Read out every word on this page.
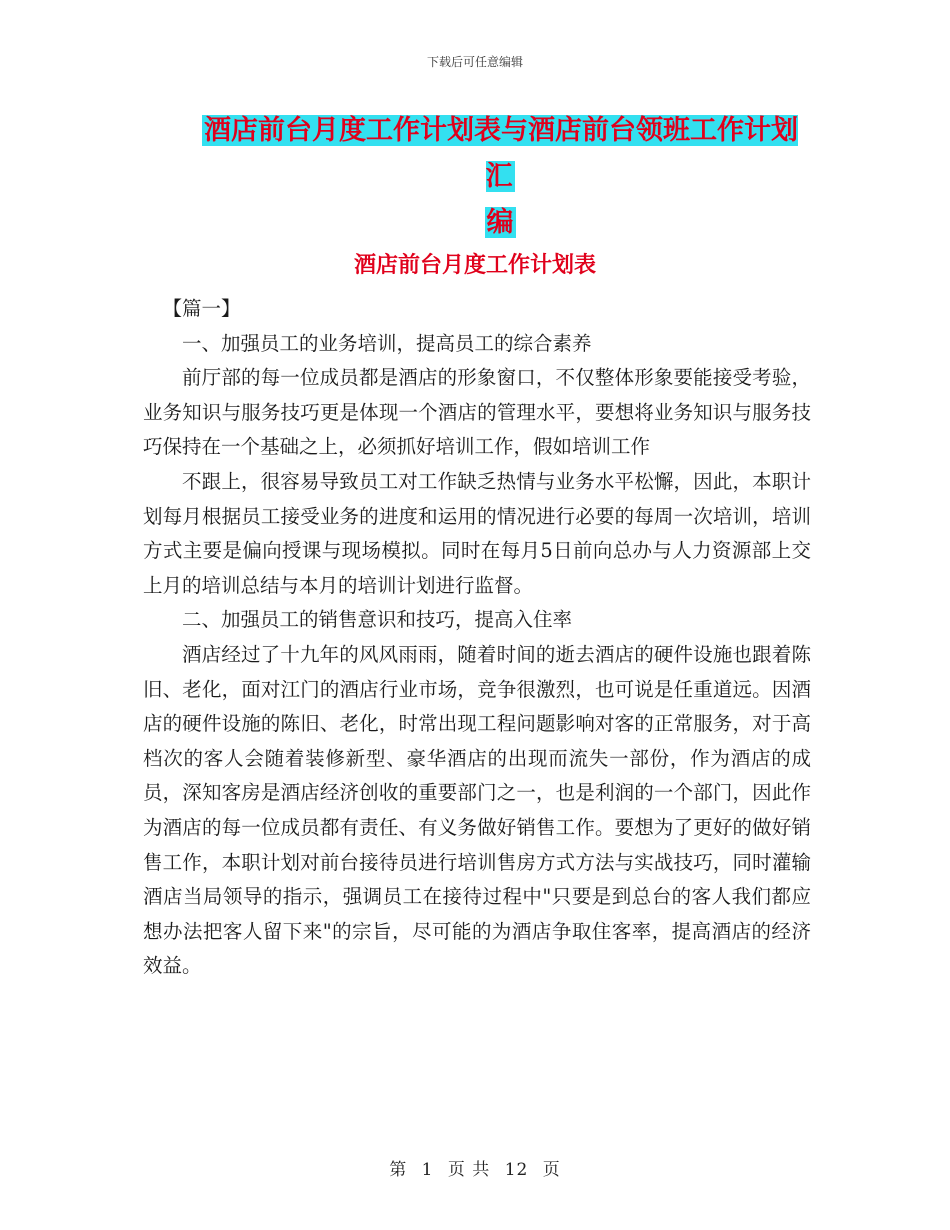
下载后可任意编辑
酒店前台月度工作计划表与酒店前台领班工作计划汇
编
酒店前台月度工作计划表

【篇一】

一、加强员工的业务培训，提高员工的综合素养

前厅部的每一位成员都是酒店的形象窗口，不仅整体形象要能接受考验，业务知识与服务技巧更是体现一个酒店的管理水平，要想将业务知识与服务技巧保持在一个基础之上，必须抓好培训工作，假如培训工作

不跟上，很容易导致员工对工作缺乏热情与业务水平松懈，因此，本职计划每月根据员工接受业务的进度和运用的情况进行必要的每周一次培训，培训方式主要是偏向授课与现场模拟。同时在每月5日前向总办与人力资源部上交上月的培训总结与本月的培训计划进行监督。

二、加强员工的销售意识和技巧，提高入住率

酒店经过了十九年的风风雨雨，随着时间的逝去酒店的硬件设施也跟着陈旧、老化，面对江门的酒店行业市场，竞争很激烈，也可说是任重道远。因酒店的硬件设施的陈旧、老化，时常出现工程问题影响对客的正常服务，对于高档次的客人会随着装修新型、豪华酒店的出现而流失一部份，作为酒店的成员，深知客房是酒店经济创收的重要部门之一，也是利润的一个部门，因此作为酒店的每一位成员都有责任、有义务做好销售工作。要想为了更好的做好销售工作，本职计划对前台接待员进行培训售房方式方法与实战技巧，同时灌输酒店当局领导的指示，强调员工在接待过程中"只要是到总台的客人我们都应想办法把客人留下来"的宗旨，尽可能的为酒店争取住客率，提高酒店的经济效益。

第 1 页 共 12 页
